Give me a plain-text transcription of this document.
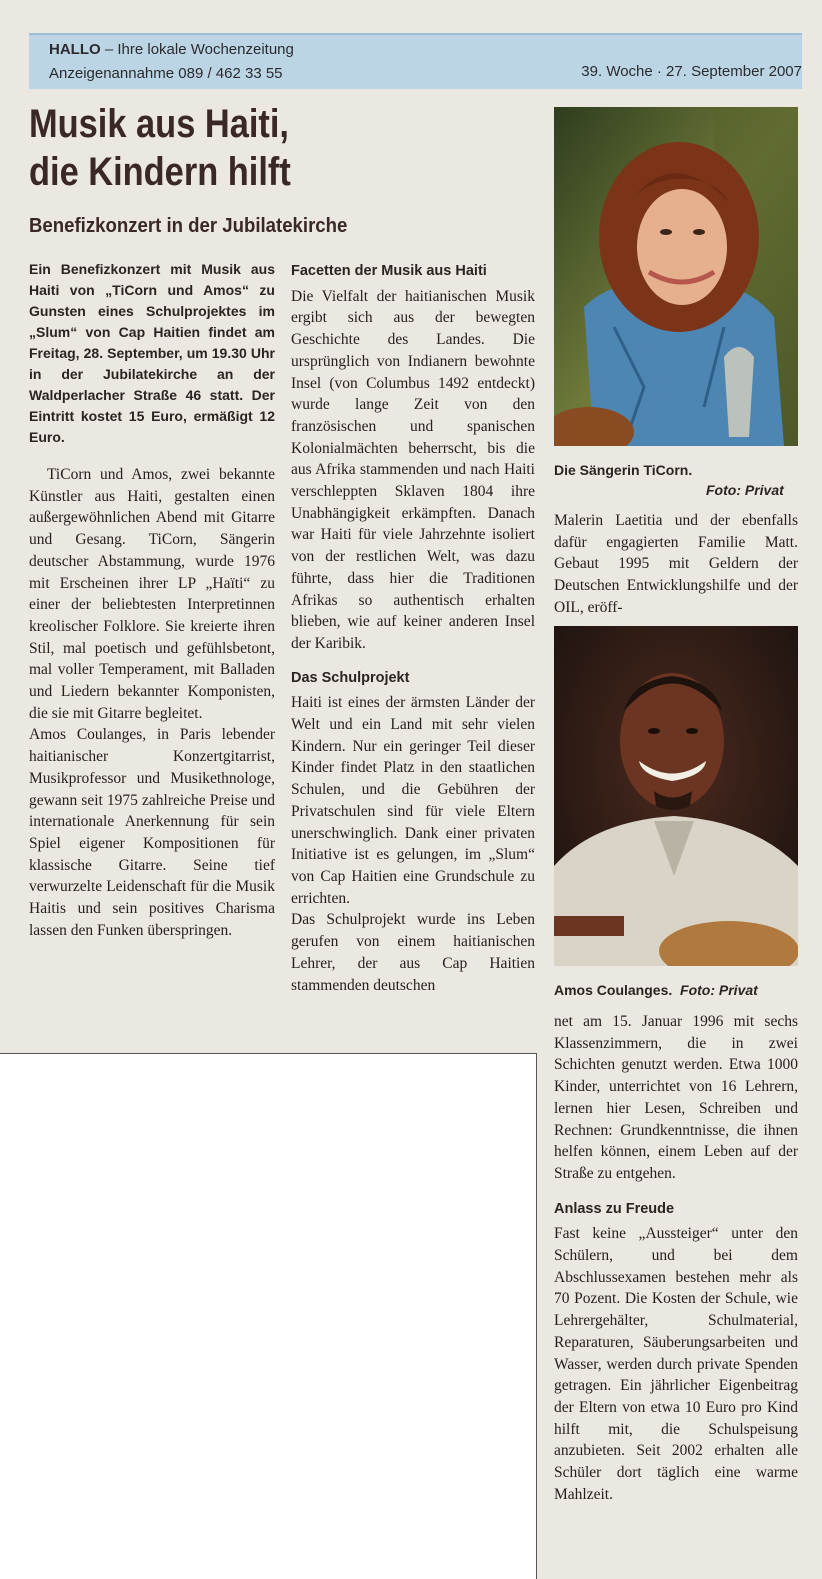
HALLO – Ihre lokale Wochenzeitung
Anzeigenannahme 089 / 462 33 55	39. Woche · 27. September 2007
Musik aus Haiti,
die Kindern hilft
Benefizkonzert in der Jubilatekirche

Ein Benefizkonzert mit Musik aus Haiti von „TiCorn und Amos“ zu Gunsten eines Schulprojektes im „Slum“ von Cap Haitien findet am Freitag, 28. September, um 19.30 Uhr in der Jubilatekirche an der Waldperlacher Straße 46 statt. Der Eintritt kostet 15 Euro, ermäßigt 12 Euro.

TiCorn und Amos, zwei bekannte Künstler aus Haiti, gestalten einen außergewöhnlichen Abend mit Gitarre und Gesang. TiCorn, Sängerin deutscher Abstammung, wurde 1976 mit Erscheinen ihrer LP „Haïti“ zu einer der beliebtesten Interpretinnen kreolischer Folklore. Sie kreierte ihren Stil, mal poetisch und gefühlsbetont, mal voller Temperament, mit Balladen und Liedern bekannter Komponisten, die sie mit Gitarre begleitet.

Amos Coulanges, in Paris lebender haitianischer Konzertgitarrist, Musikprofessor und Musikethnologe, gewann seit 1975 zahlreiche Preise und internationale Anerkennung für sein Spiel eigener Kompositionen für klassische Gitarre. Seine tief verwurzelte Leidenschaft für die Musik Haitis und sein positives Charisma lassen den Funken überspringen.

Facetten der Musik aus Haiti

Die Vielfalt der haitianischen Musik ergibt sich aus der bewegten Geschichte des Landes. Die ursprünglich von Indianern bewohnte Insel (von Columbus 1492 entdeckt) wurde lange Zeit von den französischen und spanischen Kolonialmächten beherrscht, bis die aus Afrika stammenden und nach Haiti verschleppten Sklaven 1804 ihre Unabhängigkeit erkämpften. Danach war Haiti für viele Jahrzehnte isoliert von der restlichen Welt, was dazu führte, dass hier die Traditionen Afrikas so authentisch erhalten blieben, wie auf keiner anderen Insel der Karibik.

Das Schulprojekt

Haiti ist eines der ärmsten Länder der Welt und ein Land mit sehr vielen Kindern. Nur ein geringer Teil dieser Kinder findet Platz in den staatlichen Schulen, und die Gebühren der Privatschulen sind für viele Eltern unerschwinglich. Dank einer privaten Initiative ist es gelungen, im „Slum“ von Cap Haitien eine Grundschule zu errichten.

Das Schulprojekt wurde ins Leben gerufen von einem haitianischen Lehrer, der aus Cap Haitien stammenden deutschen

Die Sängerin TiCorn.
Foto: Privat

Malerin Laetitia und der ebenfalls dafür engagierten Familie Matt. Gebaut 1995 mit Geldern der Deutschen Entwicklungshilfe und der OIL, eröff-

Amos Coulanges. Foto: Privat

net am 15. Januar 1996 mit sechs Klassenzimmern, die in zwei Schichten genutzt werden. Etwa 1000 Kinder, unterrichtet von 16 Lehrern, lernen hier Lesen, Schreiben und Rechnen: Grundkenntnisse, die ihnen helfen können, einem Leben auf der Straße zu entgehen.

Anlass zu Freude

Fast keine „Aussteiger“ unter den Schülern, und bei dem Abschlussexamen bestehen mehr als 70 Pozent. Die Kosten der Schule, wie Lehrergehälter, Schulmaterial, Reparaturen, Säuberungsarbeiten und Wasser, werden durch private Spenden getragen. Ein jährlicher Eigenbeitrag der Eltern von etwa 10 Euro pro Kind hilft mit, die Schulspeisung anzubieten. Seit 2002 erhalten alle Schüler dort täglich eine warme Mahlzeit.
